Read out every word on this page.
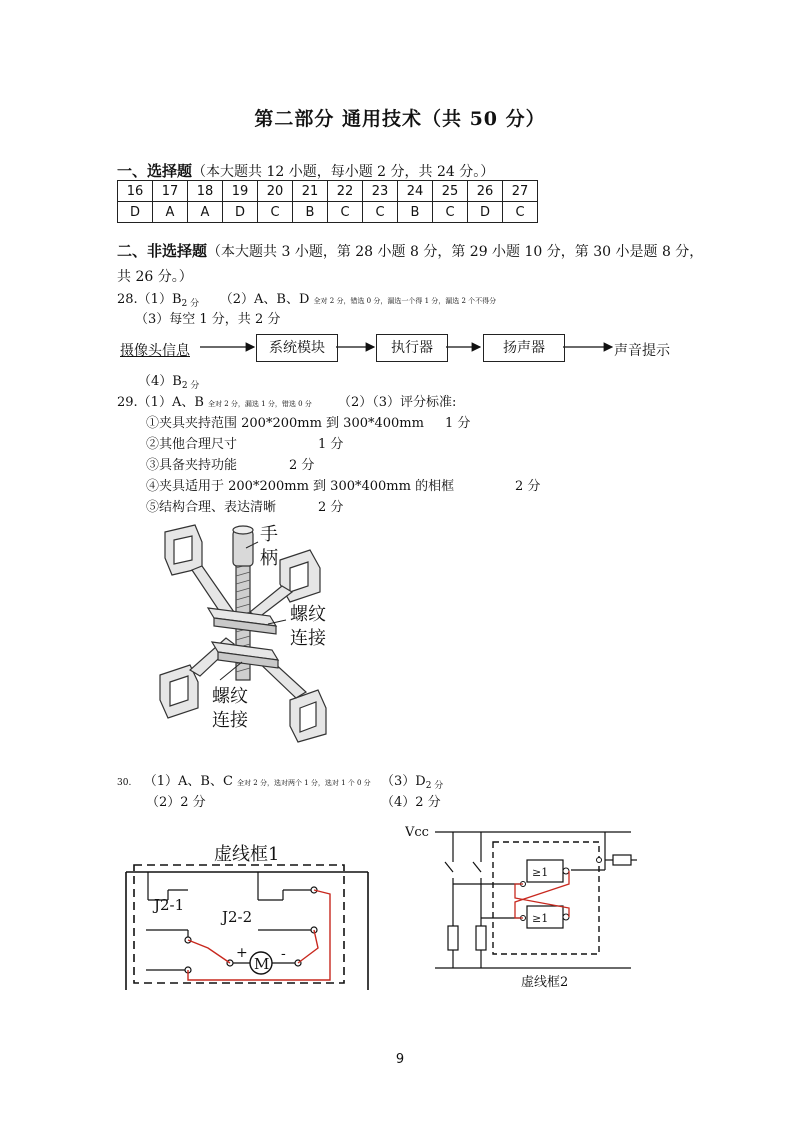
第二部分 通用技术（共 50 分）
一、选择题（本大题共 12 小题，每小题 2 分，共 24 分。）
16	17	18	19	20	21	22	23	24	25	26	27
D	A	A	D	C	B	C	C	B	C	D	C
二、非选择题（本大题共 3 小题，第 28 小题 8 分，第 29 小题 10 分，第 30 小是题 8 分，
共 26 分。）
$28.(1)B_{2 分}$ （2）A、B、D 全对 2 分，错选 0 分，漏选一个得 1 分，漏选 2 个不得分
（3）每空 1 分，共 2 分
摄像头信息	系统模块	执行器	扬声器	声音提示
$(4)B_{2 分}$
29.（1）A、B 全对 2 分，漏选 1 分，错选 0 分 （2）（3）评分标准:
①夹具夹持范围 200*200mm 到 300*400mm 1 分
②其他合理尺寸	1 分
③具备夹持功能	2 分
④夹具适用于 200*200mm 到 300*400mm 的相框	2 分
⑤结构合理、表达清晰	2 分
手
柄
螺纹
连接
螺纹
连接
30. （1）A、B、C 全对 2 分，选对两个 1 分，选对 1 个 0 分 $(3)D_{2 分}$
（2）2 分	（4）2 分
虚线框1
M
+ -
J2-1
J2-2
Vcc
≥1
≥1
虚线框2
9
